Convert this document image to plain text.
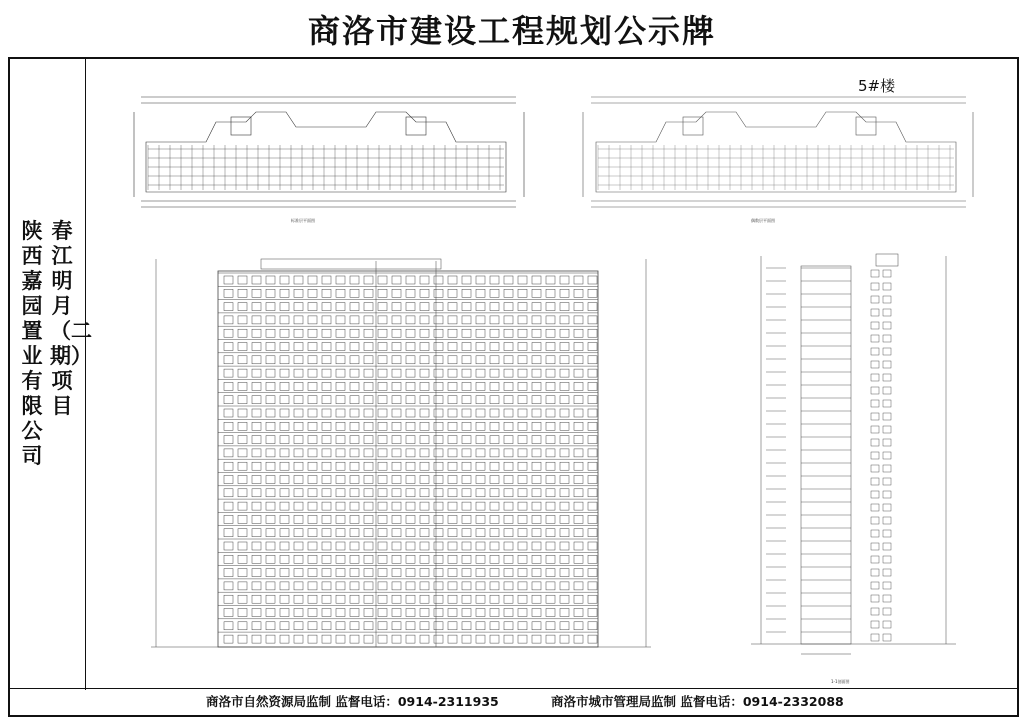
商洛市建设工程规划公示牌
陕西嘉园置业有限公司
春江明月（二期）项目
5#楼
标准层平面图	偶数层平面图
1-1剖面图
商洛市自然资源局监制 监督电话：0914-2311935	商洛市城市管理局监制 监督电话：0914-2332088
